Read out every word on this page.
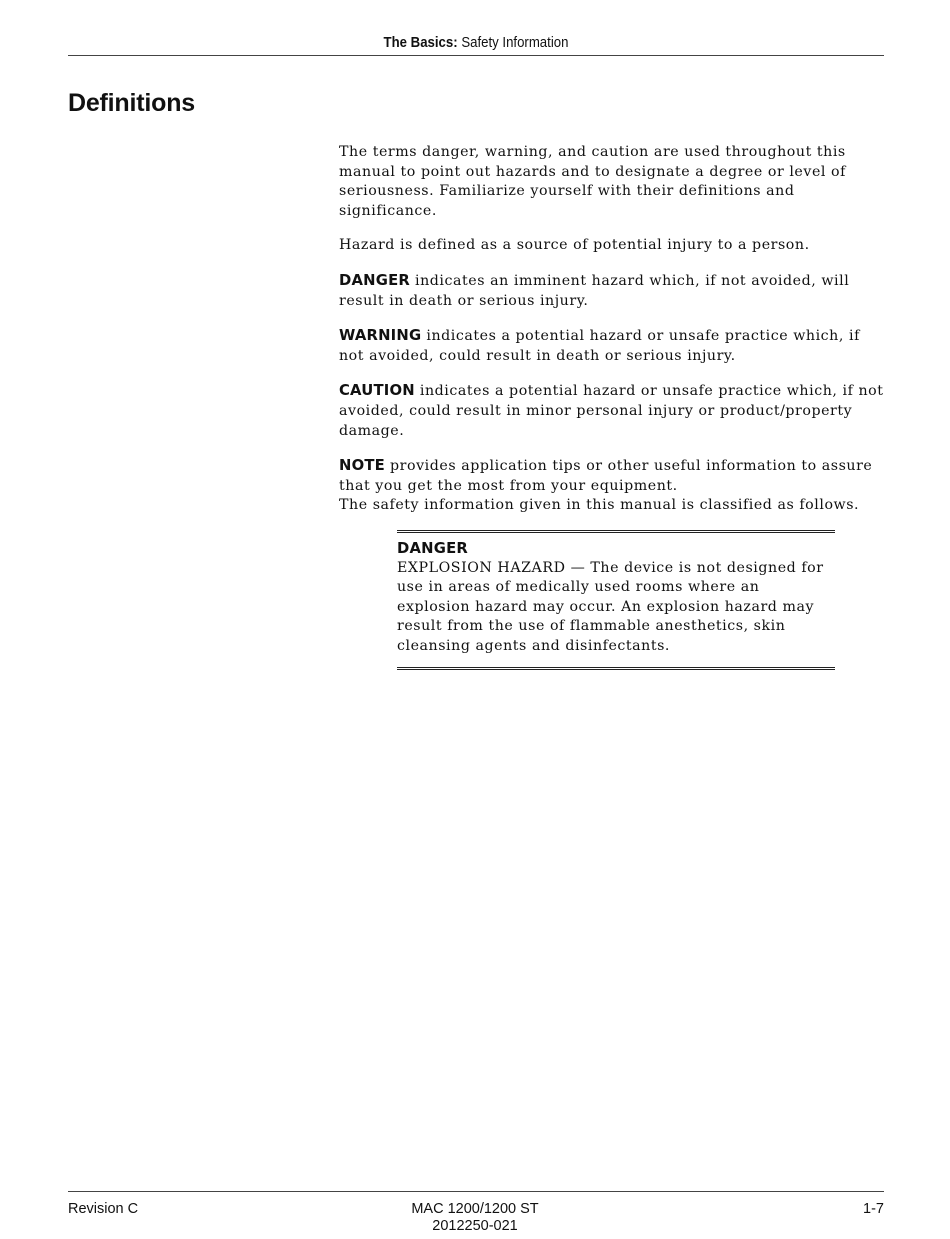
The Basics: Safety Information
Definitions

The terms danger, warning, and caution are used throughout this manual to point out hazards and to designate a degree or level of seriousness. Familiarize yourself with their definitions and significance.

Hazard is defined as a source of potential injury to a person.

DANGER indicates an imminent hazard which, if not avoided, will result in death or serious injury.

WARNING indicates a potential hazard or unsafe practice which, if not avoided, could result in death or serious injury.

CAUTION indicates a potential hazard or unsafe practice which, if not avoided, could result in minor personal injury or product/property damage.

NOTE provides application tips or other useful information to assure that you get the most from your equipment.

The safety information given in this manual is classified as follows.

DANGER
EXPLOSION HAZARD — The device is not designed for use in areas of medically used rooms where an explosion hazard may occur. An explosion hazard may result from the use of flammable anesthetics, skin cleansing agents and disinfectants.
Revision C	MAC 1200/1200 ST
2012250-021
1-7
